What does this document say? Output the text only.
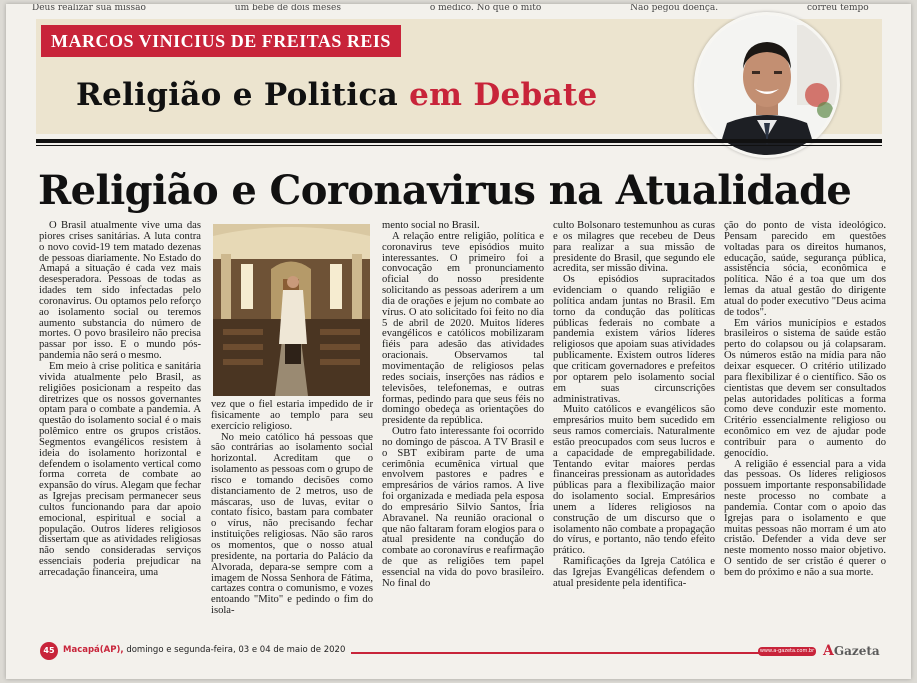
Deus realizar sua missão	um bebê de dois meses	o médico. No que o mito	Não pegou doença.	correu tempo
MARCOS VINICIUS DE FREITAS REIS
Religião e Politica em Debate
Religião e Coronavirus na Atualidade

O Brasil atualmente vive uma das piores crises sanitárias. A luta contra o novo covid-19 tem matado dezenas de pessoas diariamente. No Estado do Amapá a situação é cada vez mais desesperadora. Pessoas de todas as idades tem sido infectadas pelo coronavirus. Ou optamos pelo reforço ao isolamento social ou teremos aumento substancia do número de mortes. O povo brasileiro não precisa passar por isso. E o mundo pós-pandemia não será o mesmo.

Em meio à crise politica e sanitária vivida atualmente pelo Brasil, as religiões posicionam a respeito das diretrizes que os nossos governantes optam para o combate a pandemia. A questão do isolamento social é o mais polêmico entre os grupos cristãos. Segmentos evangélicos resistem à ideia do isolamento horizontal e defendem o isolamento vertical como forma correta de combate ao expansão do vírus. Alegam que fechar as Igrejas precisam permanecer seus cultos funcionando para dar apoio emocional, espiritual e social a população. Outros líderes religiosos dissertam que as atividades religiosas não sendo consideradas serviços essenciais poderia prejudicar na arrecadação financeira, uma

vez que o fiel estaria impedido de ir fisicamente ao templo para seu exercício religioso.

No meio católico há pessoas que são contrárias ao isolamento social horizontal. Acreditam que o isolamento as pessoas com o grupo de risco e tomando decisões como distanciamento de 2 metros, uso de máscaras, uso de luvas, evitar o contato físico, bastam para combater o vírus, não precisando fechar instituições religiosas. Não são raros os momentos, que o nosso atual presidente, na portaria do Palácio da Alvorada, depara-se sempre com a imagem de Nossa Senhora de Fátima, cartazes contra o comunismo, e vozes entoando "Mito" e pedindo o fim do isola-

mento social no Brasil.

A relação entre religião, política e coronavirus teve episódios muito interessantes. O primeiro foi a convocação em pronunciamento oficial do nosso presidente solicitando as pessoas aderirem a um dia de orações e jejum no combate ao vírus. O ato solicitado foi feito no dia 5 de abril de 2020. Muitos líderes evangélicos e católicos mobilizaram fiéis para adesão das atividades oracionais. Observamos tal movimentação de religiosos pelas redes sociais, inserções nas rádios e televisões, telefonemas, e outras formas, pedindo para que seus féis no domingo obedeça as orientações do presidente da república.

Outro fato interessante foi ocorrido no domingo de páscoa. A TV Brasil e o SBT exibiram parte de uma cerimônia ecumênica virtual que envolvem pastores e padres e empresários de vários ramos. A live foi organizada e mediada pela esposa do empresário Silvio Santos, Íria Abravanel. Na reunião oracional o que não faltaram foram elogios para o atual presidente na condução do combate ao coronavírus e reafirmação de que as religiões tem papel essencial na vida do povo brasileiro. No final do

culto Bolsonaro testemunhou as curas e os milagres que recebeu de Deus para realizar a sua missão de presidente do Brasil, que segundo ele acredita, ser missão divina.

Os episódios supracitados evidenciam o quando religião e política andam juntas no Brasil. Em torno da condução das políticas públicas federais no combate a pandemia existem vários líderes religiosos que apoiam suas atividades publicamente. Existem outros líderes que criticam governadores e prefeitos por optarem pelo isolamento social em suas circunscrições administrativas.

Muito católicos e evangélicos são empresários muito bem sucedido em seus ramos comerciais. Naturalmente estão preocupados com seus lucros e a capacidade de empregabilidade. Tentando evitar maiores perdas financeiras pressionam as autoridades públicas para a flexibilização maior do isolamento social. Empresários unem a líderes religiosos na construção de um discurso que o isolamento não combate a propagação do vírus, e portanto, não tendo efeito prático.

Ramificações da Igreja Católica e das Igrejas Evangélicas defendem o atual presidente pela identifica-

ção do ponto de vista ideológico. Pensam parecido em questões voltadas para os direitos humanos, educação, saúde, segurança pública, assistência sócia, econômica e política. Não é a toa que um dos lemas da atual gestão do dirigente atual do poder executivo "Deus acima de todos".

Em vários municípios e estados brasileiros o sistema de saúde estão perto do colapsou ou já colapsaram. Os números estão na mídia para não deixar esquecer. O critério utilizado para flexibilizar é o científico. São os cientistas que devem ser consultados pelas autoridades políticas a forma como deve conduzir este momento. Critério essencialmente religioso ou econômico em vez de ajudar pode contribuir para o aumento do genocídio.

A religião é essencial para a vida das pessoas. Os líderes religiosos possuem importante responsabilidade neste processo no combate a pandemia. Contar com o apoio das Igrejas para o isolamento e que muitas pessoas não morram é um ato cristão. Defender a vida deve ser neste momento nosso maior objetivo. O sentido de ser cristão é querer o bem do próximo e não a sua morte.

45 Macapá(AP), domingo e segunda-feira, 03 e 04 de maio de 2020	www.a-gazeta.com.br AGazeta
